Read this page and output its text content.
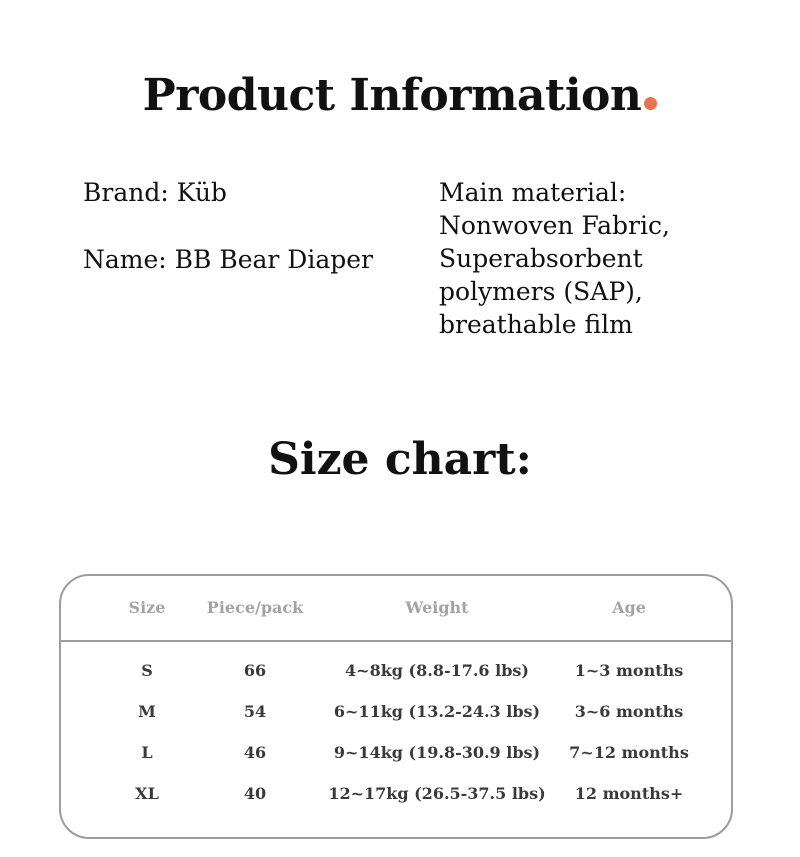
Product Information
Brand: Küb
Name: BB Bear Diaper
Main material:
Nonwoven Fabric,
Superabsorbent
polymers (SAP),
breathable film
Size chart:
Size	Piece/pack	Weight	Age
S	66	4~8kg (8.8-17.6 lbs)	1~3 months
M	54	6~11kg (13.2-24.3 lbs) 3~6 months
L	46	9~14kg (19.8-30.9 lbs) 7~12 months
XL	40	12~17kg (26.5-37.5 lbs) 12 months+
